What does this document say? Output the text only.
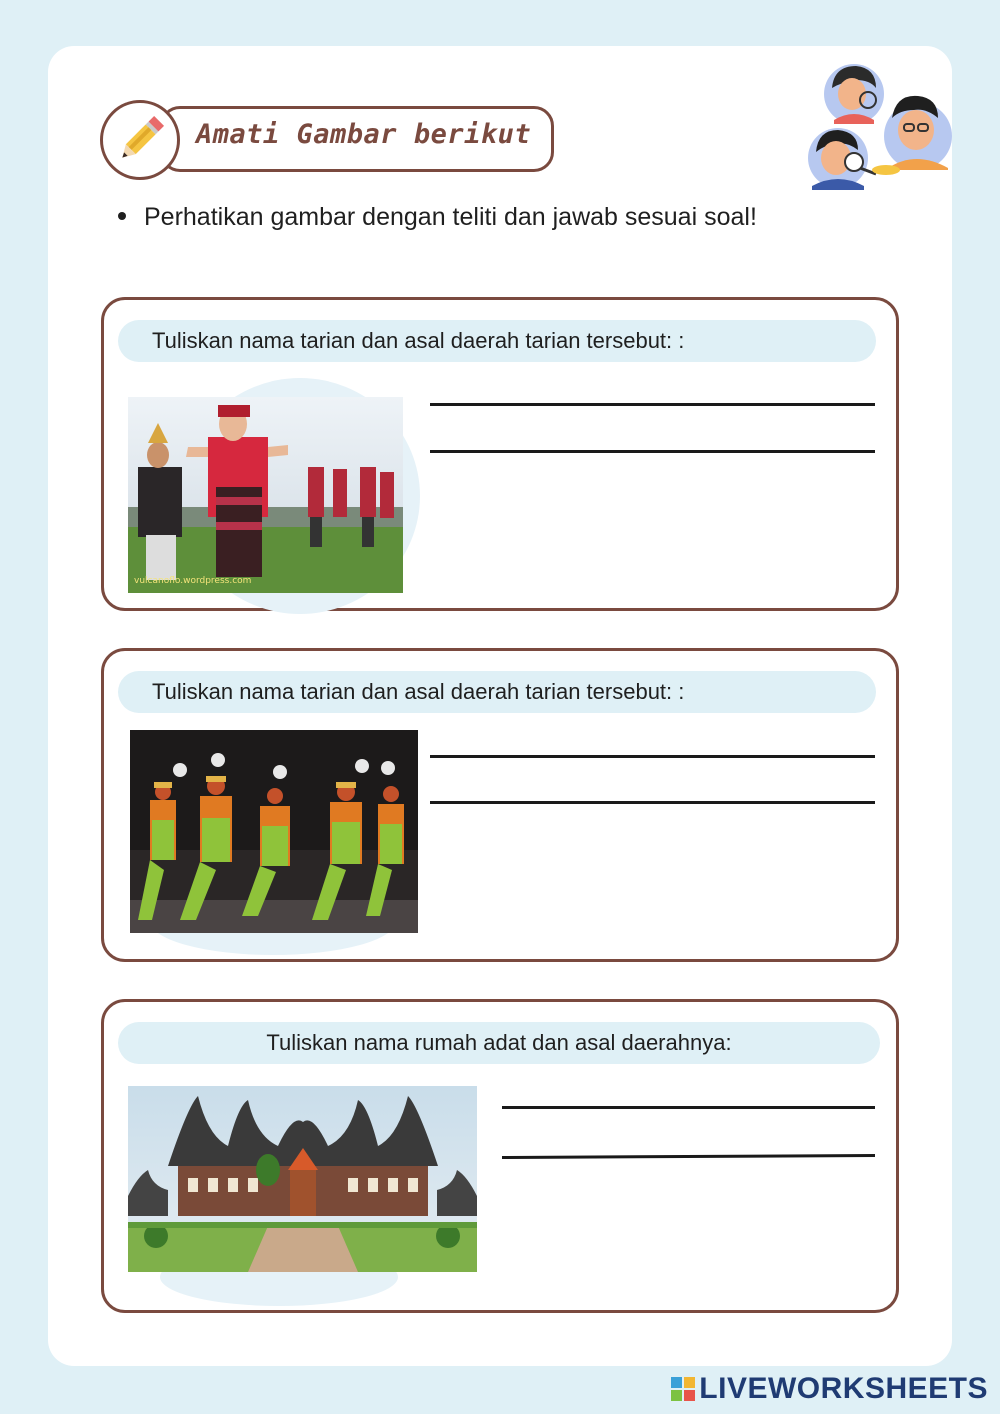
Amati Gambar berikut
Perhatikan gambar dengan teliti dan jawab sesuai soal!
Tuliskan nama tarian dan asal daerah tarian tersebut: :
vulcanoflo.wordpress.com
Tuliskan nama tarian dan asal daerah tarian tersebut: :
Tuliskan nama rumah adat dan asal daerahnya:
LIVEWORKSHEETS
